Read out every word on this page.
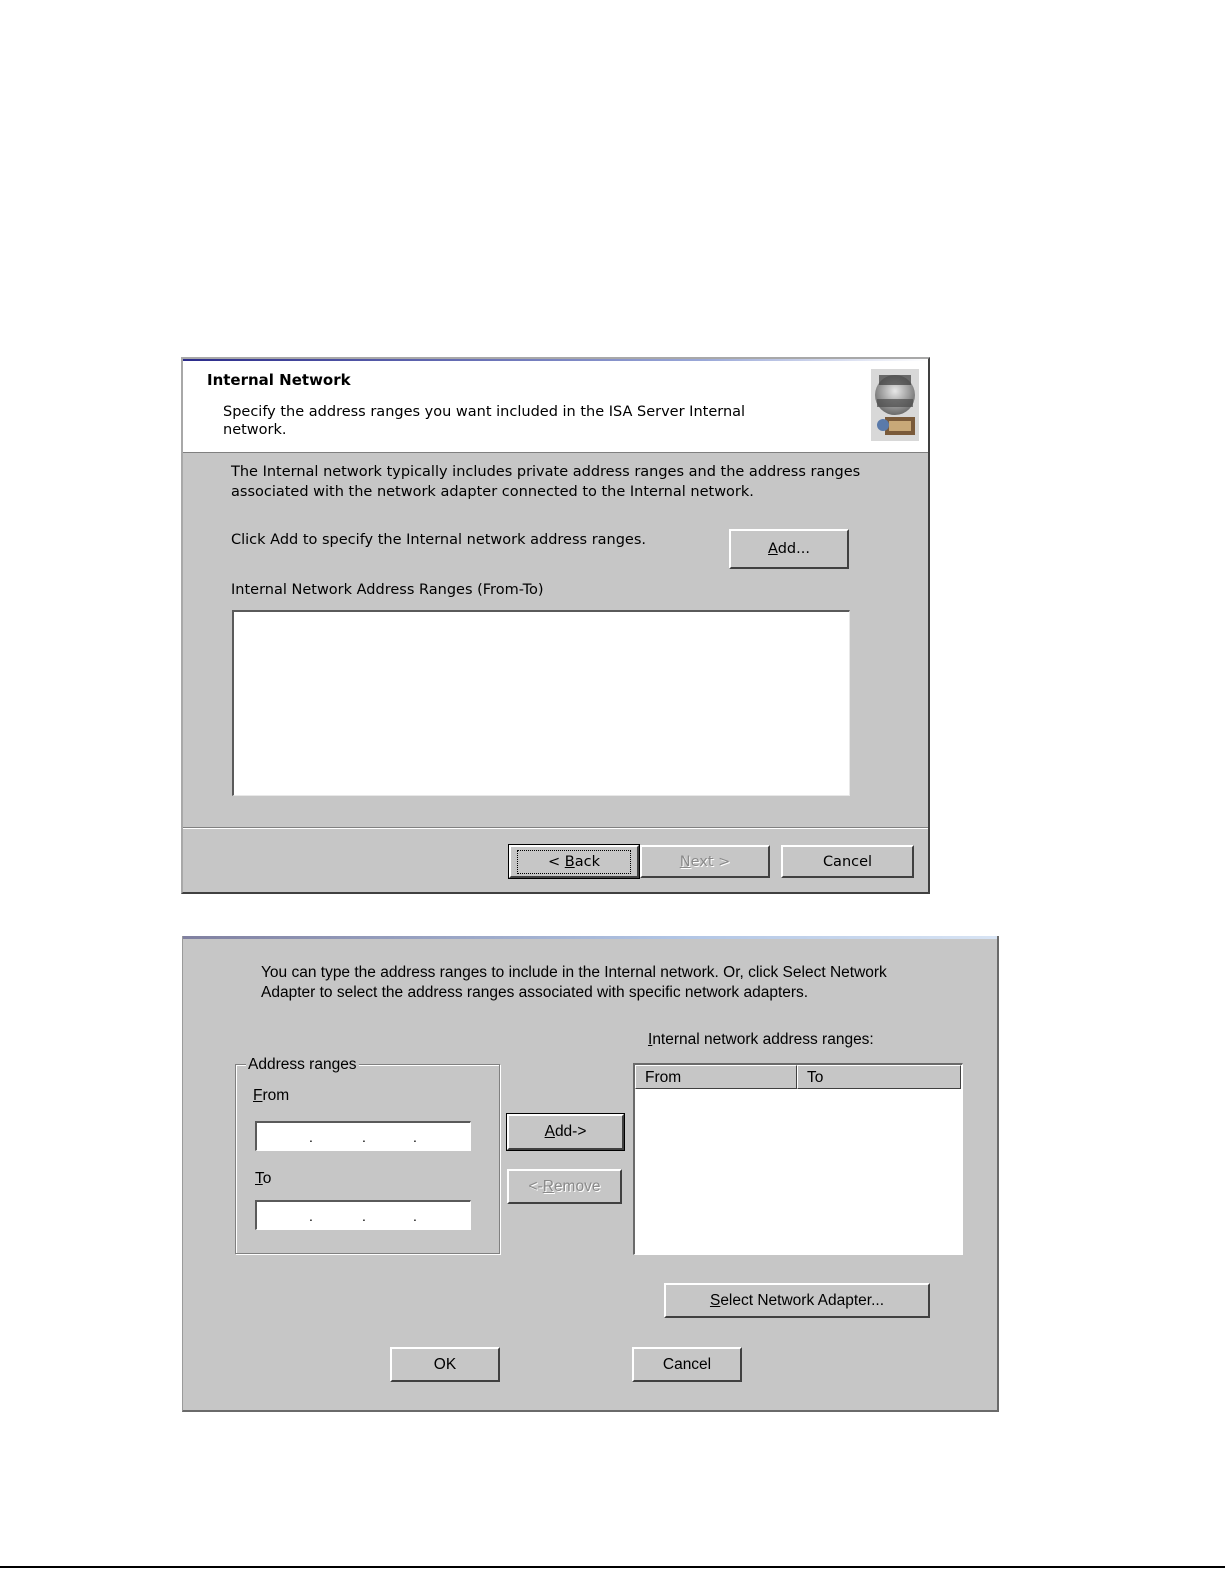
Internal Network
Specify the address ranges you want included in the ISA Server Internal network.
The Internal network typically includes private address ranges and the address ranges associated with the network adapter connected to the Internal network.
Click Add to specify the Internal network address ranges.
Add...
Internal Network Address Ranges (From-To)
< Back	Next >	Cancel
You can type the address ranges to include in the Internal network. Or, click Select Network Adapter to select the address ranges associated with specific network adapters.
Address ranges
From
.	.	.
To
.	.	.
Add->
<-Remove
Internal network address ranges:
From	To
Select Network Adapter...
OK	Cancel
